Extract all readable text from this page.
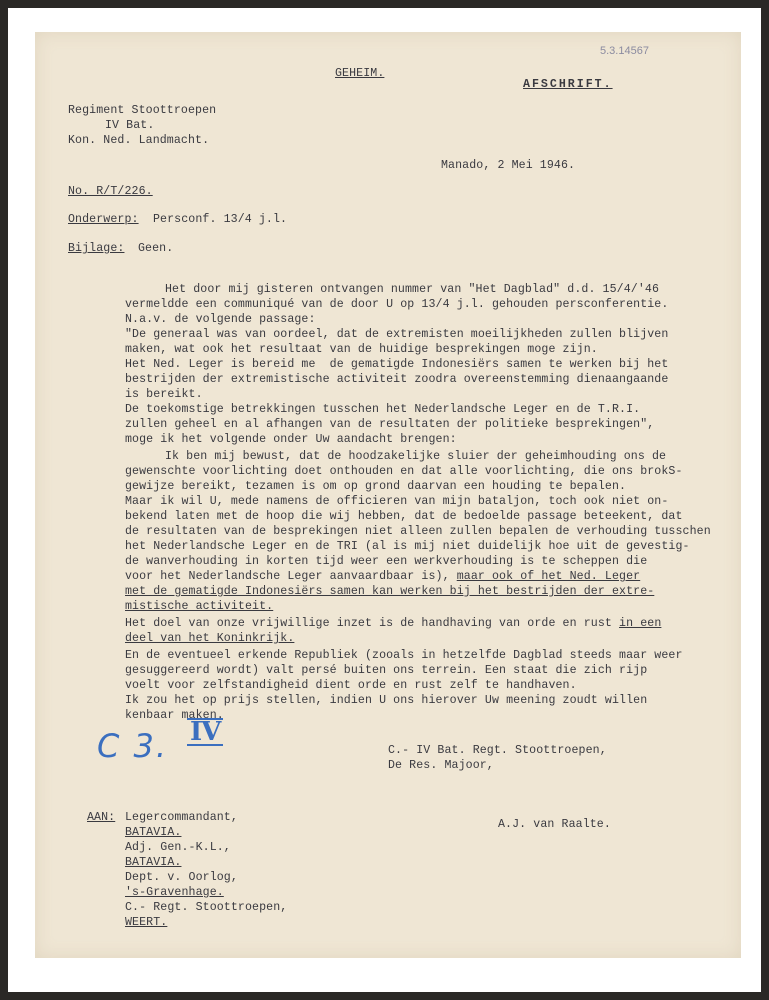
5.3.14567

GEHEIM.

AFSCHRIFT.

Regiment Stoottroepen

IV Bat.

Kon. Ned. Landmacht.

Manado, 2 Mei 1946.

No. R/T/226.

Onderwerp: Persconf. 13/4 j.l.

Bijlage: Geen.

Het door mij gisteren ontvangen nummer van "Het Dagblad" d.d. 15/4/'46

vermeldde een communiqué van de door U op 13/4 j.l. gehouden persconferentie.

N.a.v. de volgende passage:

"De generaal was van oordeel, dat de extremisten moeilijkheden zullen blijven

maken, wat ook het resultaat van de huidige besprekingen moge zijn.

Het Ned. Leger is bereid me  de gematigde Indonesiërs samen te werken bij het

bestrijden der extremistische activiteit zoodra overeenstemming dienaangaande

is bereikt.

De toekomstige betrekkingen tusschen het Nederlandsche Leger en de T.R.I.

zullen geheel en al afhangen van de resultaten der politieke besprekingen",

moge ik het volgende onder Uw aandacht brengen:

Ik ben mij bewust, dat de hoodzakelijke sluier der geheimhouding ons de

gewenschte voorlichting doet onthouden en dat alle voorlichting, die ons brokS-

gewijze bereikt, tezamen is om op grond daarvan een houding te bepalen.

Maar ik wil U, mede namens de officieren van mijn bataljon, toch ook niet on-

bekend laten met de hoop die wij hebben, dat de bedoelde passage beteekent, dat

de resultaten van de besprekingen niet alleen zullen bepalen de verhouding tusschen

het Nederlandsche Leger en de TRI (al is mij niet duidelijk hoe uit de gevestig-

de wanverhouding in korten tijd weer een werkverhouding is te scheppen die

voor het Nederlandsche Leger aanvaardbaar is), maar ook of het Ned. Leger

met de gematigde Indonesiërs samen kan werken bij het bestrijden der extre-

mistische activiteit.

Het doel van onze vrijwillige inzet is de handhaving van orde en rust in een

deel van het Koninkrijk.

En de eventueel erkende Republiek (zooals in hetzelfde Dagblad steeds maar weer

gesuggereerd wordt) valt persé buiten ons terrein. Een staat die zich rijp

voelt voor zelfstandigheid dient orde en rust zelf te handhaven.

Ik zou het op prijs stellen, indien U ons hierover Uw meening zoudt willen

kenbaar maken.

C 3. IV

C.- IV Bat. Regt. Stoottroepen,

De Res. Majoor,

A.J. van Raalte.

AAN: Legercommandant,

BATAVIA.

Adj. Gen.-K.L.,

BATAVIA.

Dept. v. Oorlog,

's-Gravenhage.

C.- Regt. Stoottroepen,

WEERT.
